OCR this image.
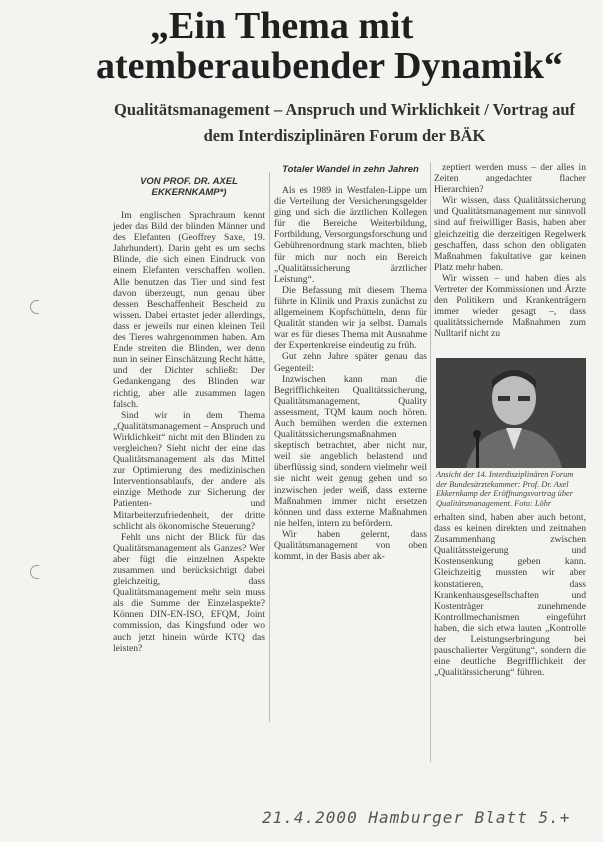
„Ein Thema mit
atemberaubender Dynamik“
Qualitätsmanagement – Anspruch und Wirklichkeit / Vortrag auf
dem Interdisziplinären Forum der BÄK
VON PROF. DR. AXEL EKKERNKAMP*)

Im englischen Sprachraum kennt jeder das Bild der blinden Männer und des Elefanten (Geoffrey Saxe, 19. Jahrhundert). Darin geht es um sechs Blinde, die sich einen Eindruck von einem Elefanten verschaffen wollen. Alle benutzen das Tier und sind fest davon überzeugt, nun genau über dessen Beschaffenheit Bescheid zu wissen. Dabei ertastet jeder allerdings, dass er jeweils nur einen kleinen Teil des Tieres wahrgenommen haben. Am Ende streiten die Blinden, wer denn nun in seiner Einschätzung Recht hätte, und der Dichter schließt: Der Gedankengang des Blinden war richtig, aber alle zusammen lagen falsch.

Sind wir in dem Thema „Qualitätsmanagement – Anspruch und Wirklichkeit“ nicht mit den Blinden zu vergleichen? Sieht nicht der eine das Qualitätsmanagement als das Mittel zur Optimierung des medizinischen Interventionsablaufs, der andere als einzige Methode zur Sicherung der Patienten- und Mitarbeiterzufriedenheit, der dritte schlicht als ökonomische Steuerung?

Fehlt uns nicht der Blick für das Qualitätsmanagement als Ganzes? Wer aber fügt die einzelnen Aspekte zusammen und berücksichtigt dabei gleichzeitig, dass Qualitätsmanagement mehr sein muss als die Summe der Einzelaspekte? Können DIN-EN-ISO, EFQM, Joint commission, das Kingsfund oder wo auch jetzt hinein würde KTQ das leisten?

Totaler Wandel in zehn Jahren

Als es 1989 in Westfalen-Lippe um die Verteilung der Versicherungsgelder ging und sich die ärztlichen Kollegen für die Bereiche Weiterbildung, Fortbildung, Versorgungsforschung und Gebührenordnung stark machten, blieb für mich nur noch ein Bereich „Qualitätssicherung ärztlicher Leistung“.

Die Befassung mit diesem Thema führte in Klinik und Praxis zunächst zu allgemeinem Kopfschütteln, denn für Qualität standen wir ja selbst. Damals war es für dieses Thema mit Ausnahme der Expertenkreise eindeutig zu früh.

Gut zehn Jahre später genau das Gegenteil:

Inzwischen kann man die Begrifflichkeiten Qualitätssicherung, Qualitätsmanagement, Quality assessment, TQM kaum noch hören. Auch bemühen werden die externen Qualitätssicherungsmaßnahmen skeptisch betrachtet, aber nicht nur, weil sie angeblich belastend und überflüssig sind, sondern vielmehr weil sie nicht weit genug gehen und so inzwischen jeder weiß, dass externe Maßnahmen immer nicht ersetzen können und dass externe Maßnahmen nie helfen, intern zu befördern.

Wir haben gelernt, dass Qualitätsmanagement von oben kommt, in der Basis aber ak-

zeptiert werden muss – der alles in Zeiten angedachter flacher Hierarchien?

Wir wissen, dass Qualitätssicherung und Qualitätsmanagement nur sinnvoll sind auf freiwilliger Basis, haben aber gleichzeitig die derzeitigen Regelwerk geschaffen, dass schon den obligaten Maßnahmen fakultative gar keinen Platz mehr haben.

Wir wissen – und haben dies als Vertreter der Kommissionen und Ärzte den Politikern und Krankenträgern immer wieder gesagt –, dass qualitätssichernde Maßnahmen zum Nulltarif nicht zu

Ansicht der 14. Interdisziplinären Forum der Bundesärztekammer: Prof. Dr. Axel Ekkernkamp der Eröffnungsvortrag über Qualitätsmanagement. Foto: Löhr

erhalten sind, haben aber auch betont, dass es keinen direkten und zeitnahen Zusammenhang zwischen Qualitätssteigerung und Kostensenkung geben kann. Gleichzeitig mussten wir aber konstatieren, dass Krankenhausgesellschaften und Kostenträger zunehmende Kontrollmechanismen eingeführt haben, die sich etwa lauten „Kontrolle der Leistungserbringung bei pauschalierter Vergütung“, sondern die eine deutliche Begrifflichkeit der „Qualitätssicherung“ führen.

21.4.2000 Hamburger Blatt 5.+
